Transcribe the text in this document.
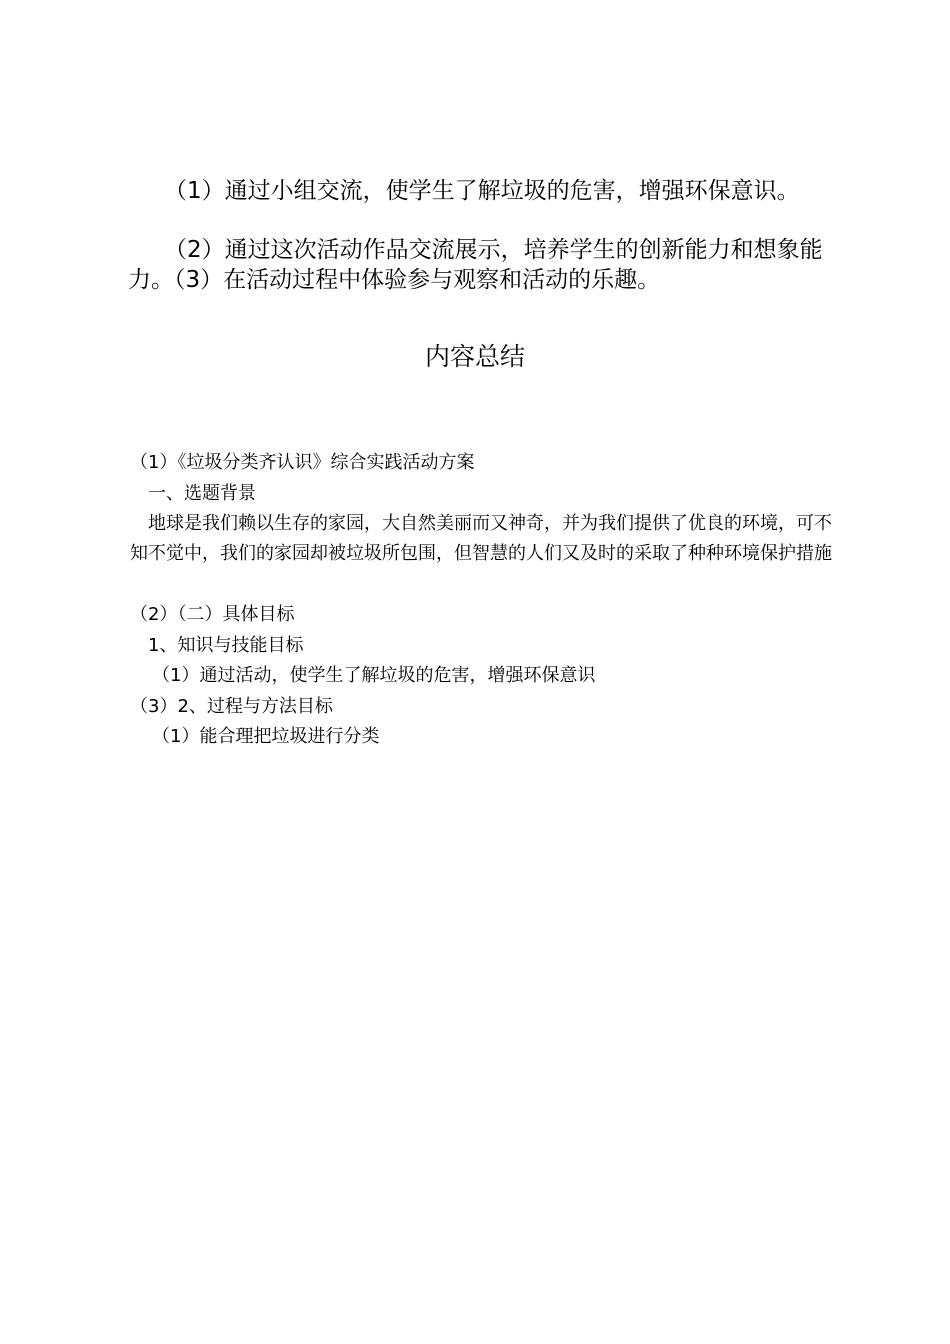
（1）通过小组交流，使学生了解垃圾的危害，增强环保意识。

（2）通过这次活动作品交流展示，培养学生的创新能力和想象能力。（3）在活动过程中体验参与观察和活动的乐趣。

内容总结

（1）《垃圾分类齐认识》综合实践活动方案

一、选题背景

地球是我们赖以生存的家园，大自然美丽而又神奇，并为我们提供了优良的环境，可不知不觉中，我们的家园却被垃圾所包围，但智慧的人们又及时的采取了种种环境保护措施

（2）（二）具体目标

1、知识与技能目标

（1）通过活动，使学生了解垃圾的危害，增强环保意识

（3）2、过程与方法目标

（1）能合理把垃圾进行分类
